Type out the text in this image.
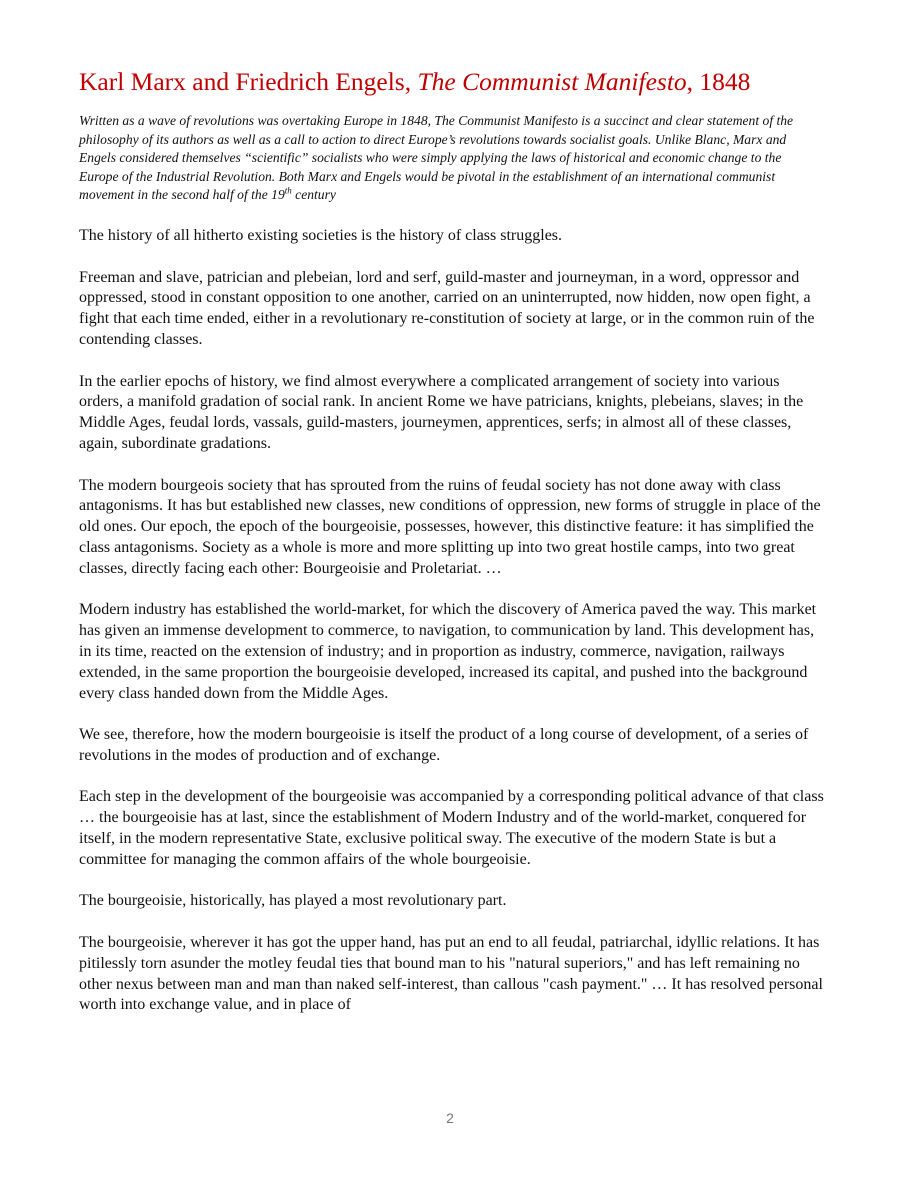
Karl Marx and Friedrich Engels, The Communist Manifesto, 1848

Written as a wave of revolutions was overtaking Europe in 1848, The Communist Manifesto is a succinct and clear statement of the philosophy of its authors as well as a call to action to direct Europe’s revolutions towards socialist goals. Unlike Blanc, Marx and Engels considered themselves “scientific” socialists who were simply applying the laws of historical and economic change to the Europe of the Industrial Revolution. Both Marx and Engels would be pivotal in the establishment of an international communist movement in the second half of the 19th century

The history of all hitherto existing societies is the history of class struggles.

Freeman and slave, patrician and plebeian, lord and serf, guild-master and journeyman, in a word, oppressor and oppressed, stood in constant opposition to one another, carried on an uninterrupted, now hidden, now open fight, a fight that each time ended, either in a revolutionary re-constitution of society at large, or in the common ruin of the contending classes.

In the earlier epochs of history, we find almost everywhere a complicated arrangement of society into various orders, a manifold gradation of social rank. In ancient Rome we have patricians, knights, plebeians, slaves; in the Middle Ages, feudal lords, vassals, guild-masters, journeymen, apprentices, serfs; in almost all of these classes, again, subordinate gradations.

The modern bourgeois society that has sprouted from the ruins of feudal society has not done away with class antagonisms. It has but established new classes, new conditions of oppression, new forms of struggle in place of the old ones. Our epoch, the epoch of the bourgeoisie, possesses, however, this distinctive feature: it has simplified the class antagonisms. Society as a whole is more and more splitting up into two great hostile camps, into two great classes, directly facing each other: Bourgeoisie and Proletariat. …

Modern industry has established the world-market, for which the discovery of America paved the way. This market has given an immense development to commerce, to navigation, to communication by land. This development has, in its time, reacted on the extension of industry; and in proportion as industry, commerce, navigation, railways extended, in the same proportion the bourgeoisie developed, increased its capital, and pushed into the background every class handed down from the Middle Ages.

We see, therefore, how the modern bourgeoisie is itself the product of a long course of development, of a series of revolutions in the modes of production and of exchange.

Each step in the development of the bourgeoisie was accompanied by a corresponding political advance of that class … the bourgeoisie has at last, since the establishment of Modern Industry and of the world-market, conquered for itself, in the modern representative State, exclusive political sway. The executive of the modern State is but a committee for managing the common affairs of the whole bourgeoisie.

The bourgeoisie, historically, has played a most revolutionary part.

The bourgeoisie, wherever it has got the upper hand, has put an end to all feudal, patriarchal, idyllic relations. It has pitilessly torn asunder the motley feudal ties that bound man to his "natural superiors," and has left remaining no other nexus between man and man than naked self-interest, than callous "cash payment." … It has resolved personal worth into exchange value, and in place of

2
